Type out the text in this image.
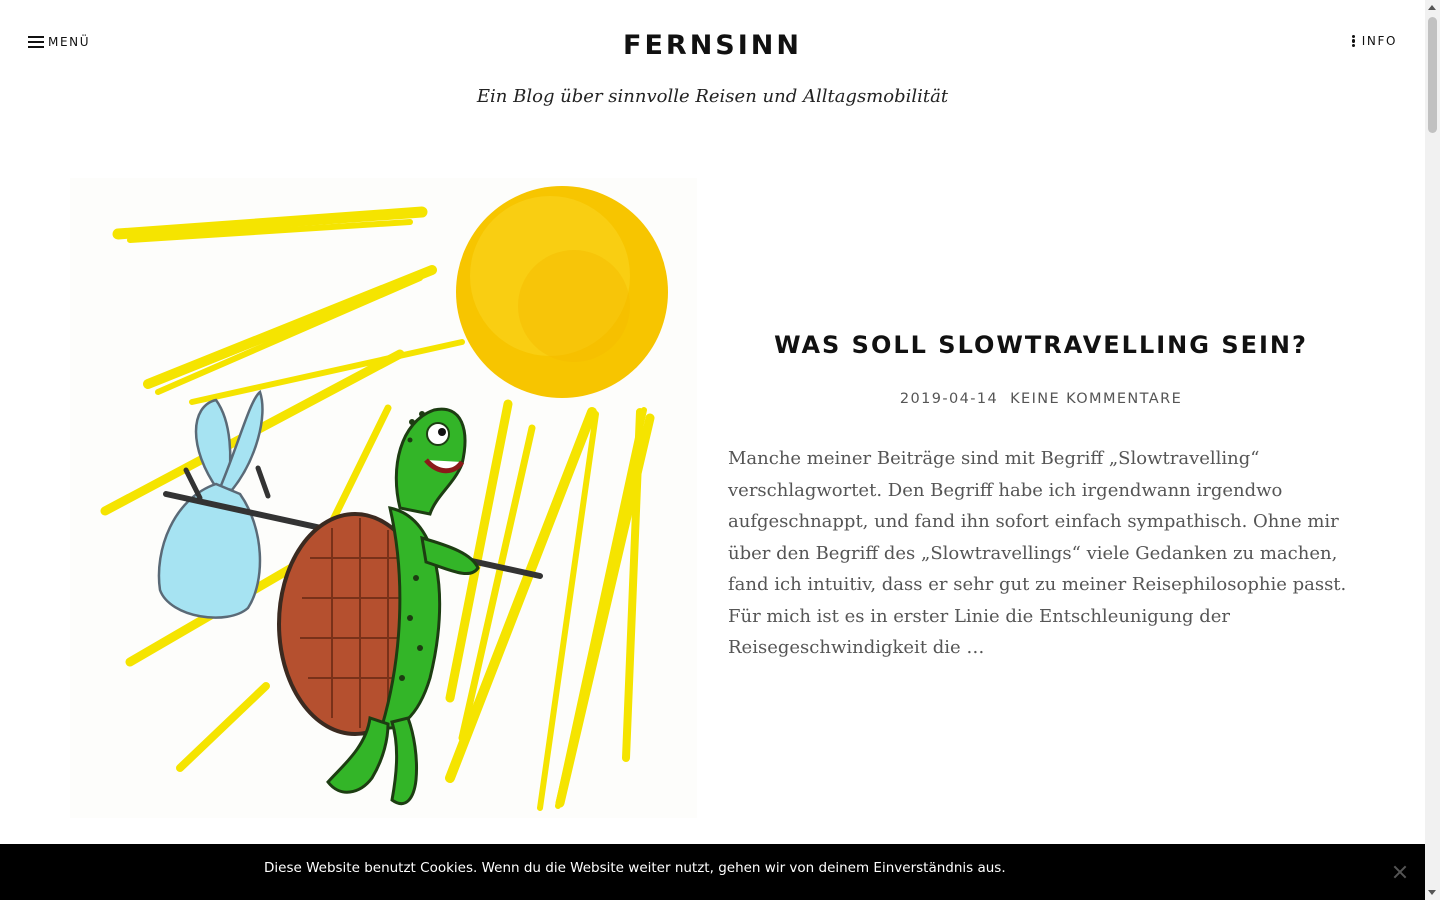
MENÜ	FERNSINN
Ein Blog über sinnvolle Reisen und Alltagsmobilität
INFO
WAS SOLL SLOWTRAVELLING SEIN?
2019-04-14 KEINE KOMMENTARE

Manche meiner Beiträge sind mit Begriff „Slowtravelling“ verschlagwortet. Den Begriff habe ich irgendwann irgendwo aufgeschnappt, und fand ihn sofort einfach sympathisch. Ohne mir über den Begriff des „Slowtravellings“ viele Gedanken zu machen, fand ich intuitiv, dass er sehr gut zu meiner Reisephilosophie passt. Für mich ist es in erster Linie die Entschleunigung der Reisegeschwindigkeit die …

Diese Website benutzt Cookies. Wenn du die Website weiter nutzt, gehen wir von deinem Einverständnis aus.
